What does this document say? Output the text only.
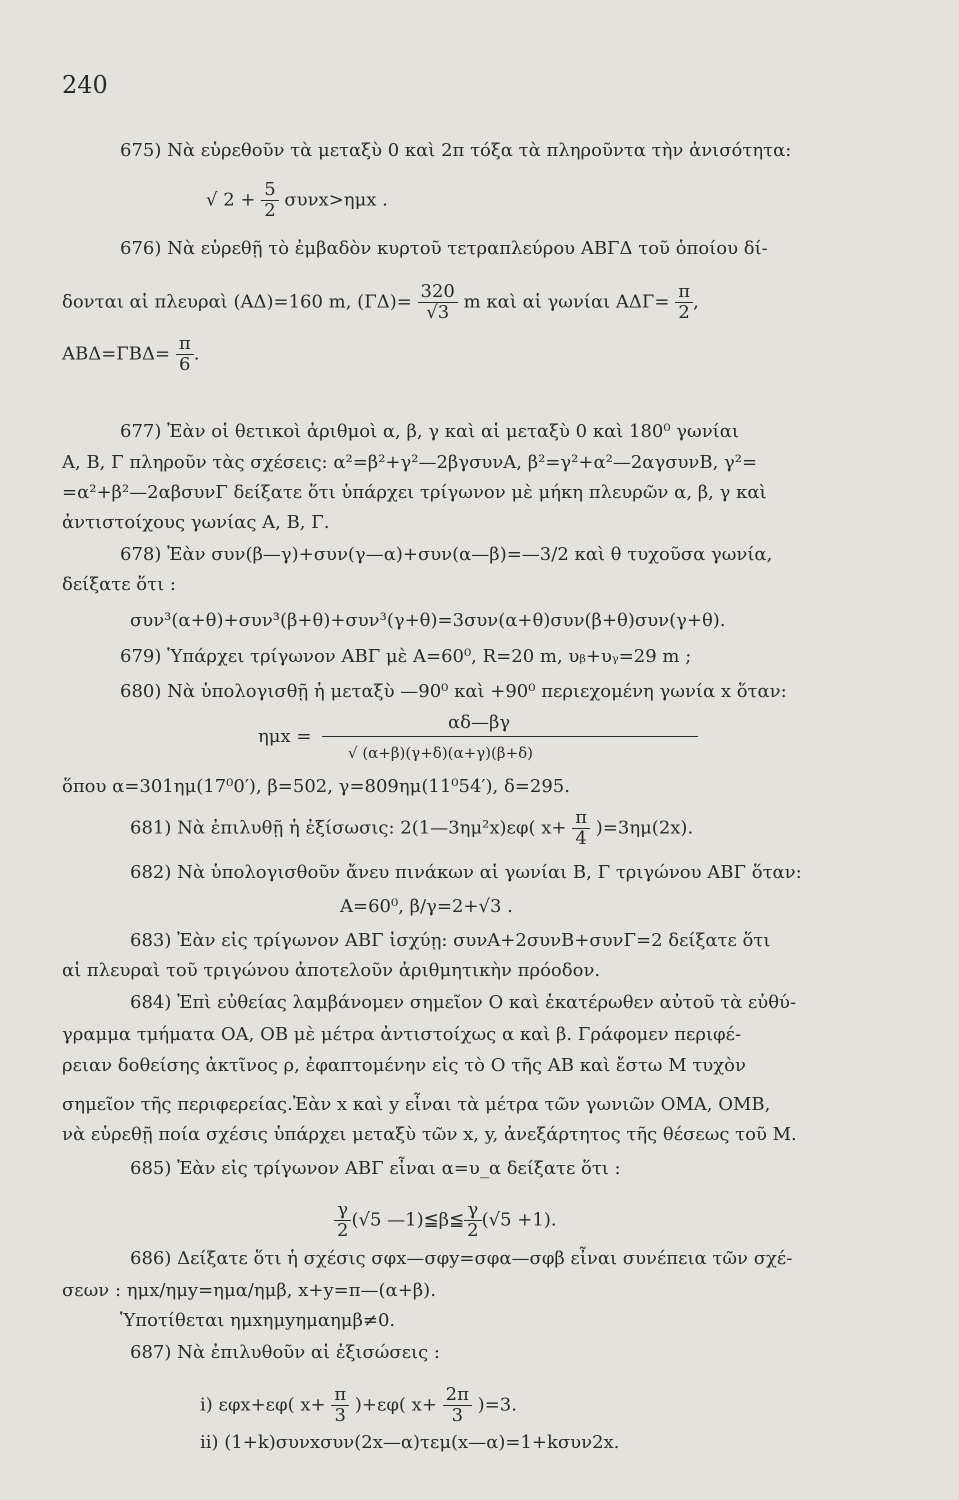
240
675) Νὰ εὑρεθοῦν τὰ μεταξὺ 0 καὶ 2π τόξα τὰ πληροῦντα τὴν ἀνισότητα:
√ $2 + \frac{5}{2} \sigma\upsilon\nu x>\eta\mu x$ .
676) Νὰ εὑρεθῇ τὸ ἐμβαδὸν κυρτοῦ τετραπλεύρου ΑΒΓΔ τοῦ ὁποίου δί-
δονται αἱ πλευραὶ (ΑΔ)=160 m, $(\Gamma\Delta)= \frac{320}{√3}$ m καὶ αἱ γωνίαι $A\Delta\Gamma= \frac{\pi}{2}$ ,
$AB\Delta=\Gamma B\Delta= \frac{\pi}{6}$ .
677) Ἐὰν οἱ θετικοὶ ἀριθμοὶ α, β, γ καὶ αἱ μεταξὺ 0 καὶ 180⁰ γωνίαι
Α, Β, Γ πληροῦν τὰς σχέσεις: α²=β²+γ²—2βγσυνΑ, β²=γ²+α²—2αγσυνΒ, γ²=
=α²+β²—2αβσυνΓ δείξατε ὅτι ὑπάρχει τρίγωνον μὲ μήκη πλευρῶν α, β, γ καὶ
ἀντιστοίχους γωνίας Α, Β, Γ.
678) Ἐὰν συν(β—γ)+συν(γ—α)+συν(α—β)=—3/2 καὶ θ τυχοῦσα γωνία,
δείξατε ὅτι :
συν³(α+θ)+συν³(β+θ)+συν³(γ+θ)=3συν(α+θ)συν(β+θ)συν(γ+θ).
679) Ὑπάρχει τρίγωνον ΑΒΓ μὲ Α=60⁰, R=20 m, υᵦ+υᵧ=29 m ;
680) Νὰ ὑπολογισθῇ ἡ μεταξὺ —90⁰ καὶ +90⁰ περιεχομένη γωνία x ὅταν:
αδ—βγ
ημx =
√ (α+β)(γ+δ)(α+γ)(β+δ)
ὅπου α=301ημ(17⁰0′), β=502, γ=809ημ(11⁰54′), δ=295.
681) Νὰ ἐπιλυθῇ ἡ ἐξίσωσις: 2(1—3ημ²x)εφ( $x+ \frac{\pi}{4} )=3\eta\mu(2x)$.
682) Νὰ ὑπολογισθοῦν ἄνευ πινάκων αἱ γωνίαι Β, Γ τριγώνου ΑΒΓ ὅταν:
Α=60⁰, β/γ=2+√3 .
683) Ἐὰν εἰς τρίγωνον ΑΒΓ ἰσχύῃ: συνΑ+2συνΒ+συνΓ=2 δείξατε ὅτι
αἱ πλευραὶ τοῦ τριγώνου ἀποτελοῦν ἀριθμητικὴν πρόοδον.
684) Ἐπὶ εὐθείας λαμβάνομεν σημεῖον Ο καὶ ἑκατέρωθεν αὐτοῦ τὰ εὐθύ-
γραμμα τμήματα ΟΑ, ΟΒ μὲ μέτρα ἀντιστοίχως α καὶ β. Γράφομεν περιφέ-
ρειαν δοθείσης ἀκτῖνος ρ, ἐφαπτομένην εἰς τὸ Ο τῆς ΑΒ καὶ ἔστω Μ τυχὸν
σημεῖον τῆς περιφερείας.Ἐὰν x καὶ y εἶναι τὰ μέτρα τῶν γωνιῶν ΟΜΑ, ΟΜΒ,
νὰ εὑρεθῇ ποία σχέσις ὑπάρχει μεταξὺ τῶν x, y, ἀνεξάρτητος τῆς θέσεως τοῦ Μ.
685) Ἐὰν εἰς τρίγωνον ΑΒΓ εἶναι α=υ_α δείξατε ὅτι :
$\frac{\gamma}{2} (√5$ —1)≦β≦ $\frac{\gamma}{2} (√5 +1)$.
686) Δείξατε ὅτι ἡ σχέσις σφx—σφy=σφα—σφβ εἶναι συνέπεια τῶν σχέ-
σεων : ημx/ημy=ημα/ημβ, x+y=π—(α+β).
Ὑποτίθεται ημxημyημαημβ≠0.
687) Νὰ ἐπιλυθοῦν αἱ ἐξισώσεις :
i) εφx+εφ( $x+ \frac{\pi}{3} )+\varepsilon\varphi$( $x+ \frac{2\pi}{3} )=3$.
ii) (1+k)συνxσυν(2x—α)τεμ(x—α)=1+kσυν2x.
